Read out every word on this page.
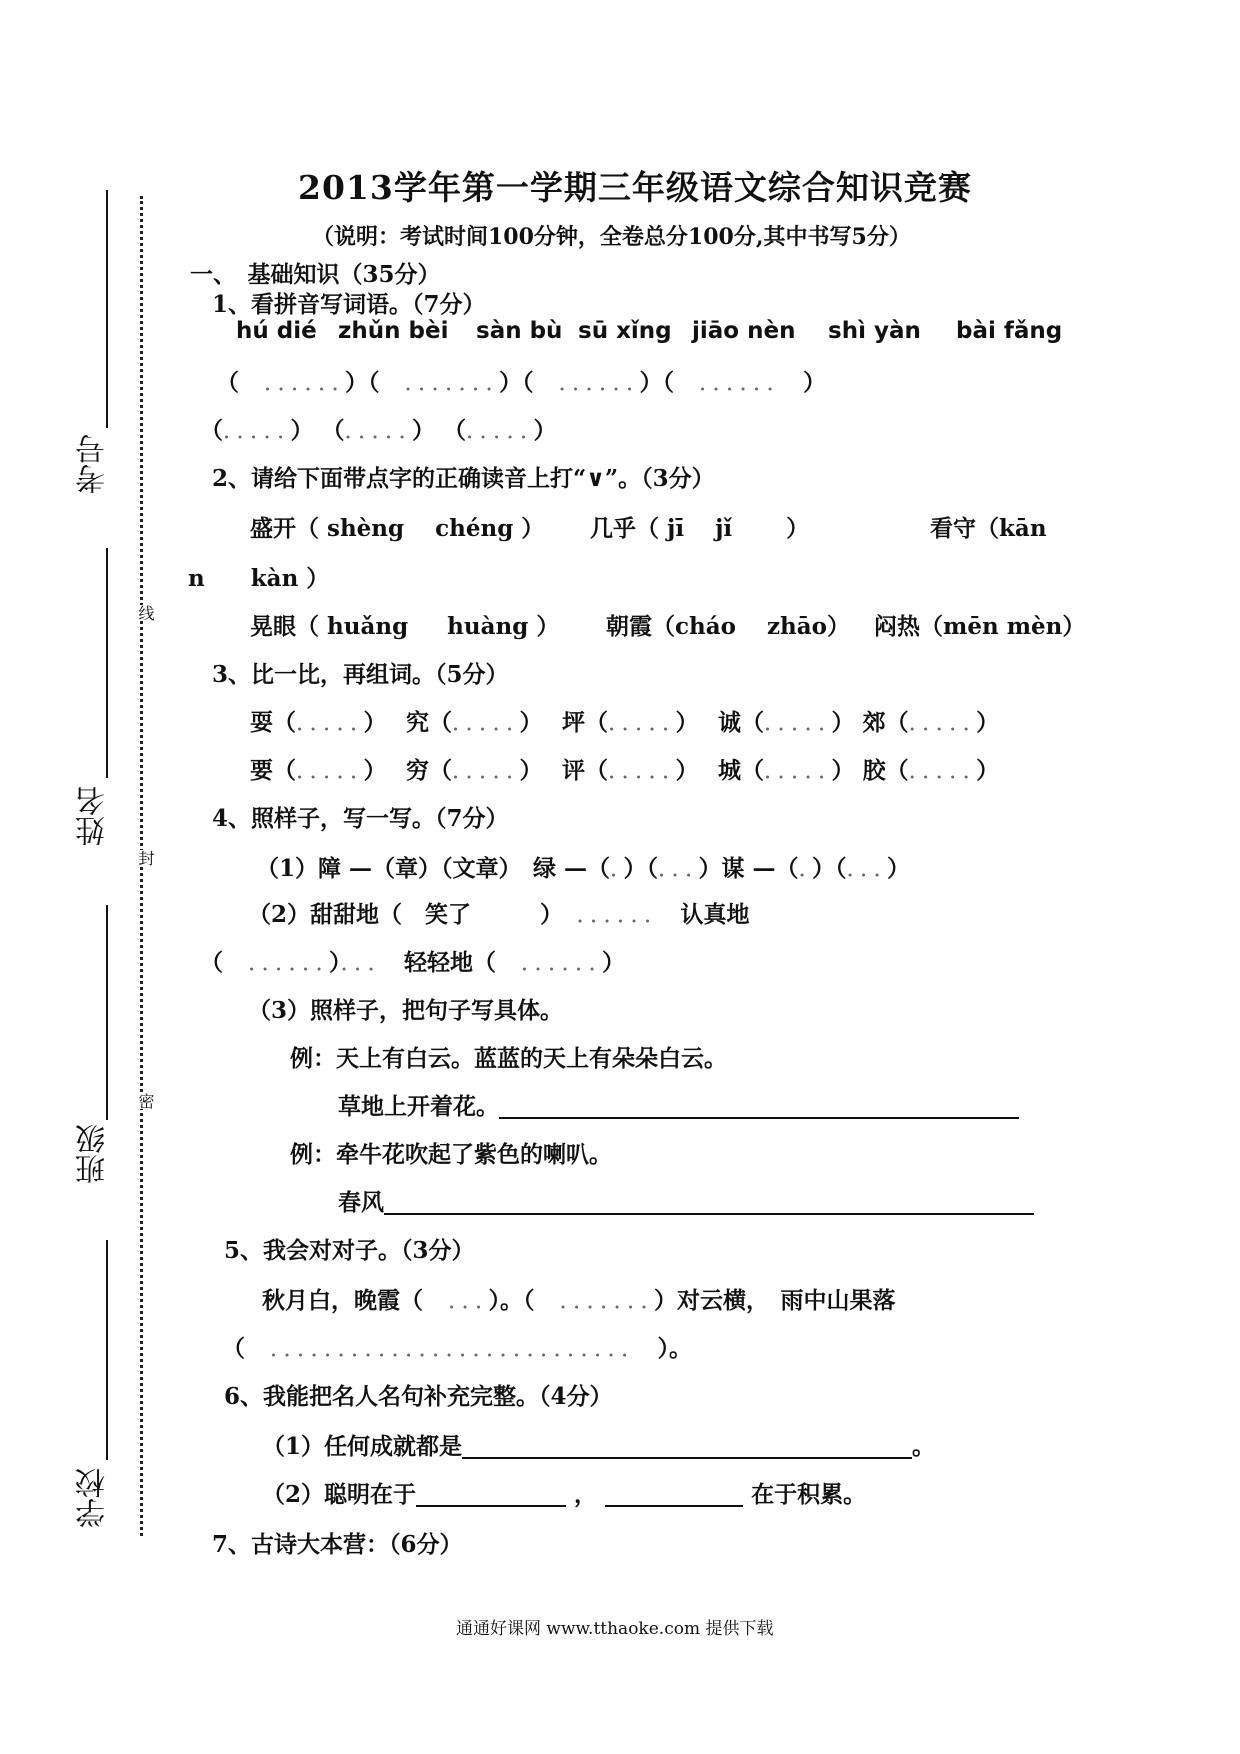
考号
姓名
班级
学校
线
封
密
2013学年第一学期三年级语文综合知识竞赛
（说明：考试时间100分钟，全卷总分100分,其中书写5分）
一、　基础知识（35分）
1、看拼音写词语。（7分）
hú dié zhǔn bèi sàn bù sū xǐng jiāo nèn shì yàn bài fǎng
（　．．．．．．）（　．．．．．．．）（　．．．．．．）（　．．．．．．　）
（．．．．．） （．．．．．） （．．．．．）
2、请给下面带点字的正确读音上打“∨”。（3分）
盛开（ shèng 　chéng ） 几乎（ jī 　jǐ 　　）	看守（kān
n　　kàn ）
晃眼（ huǎng 　 huàng ） 朝霞（cháo 　zhāo） 闷热（mēn mèn）
3、比一比，再组词。（5分）
耍（．．．．．）　 究（．．．．．）　 坪（．．．．．）　 诚（．．．．．） 郊（．．．．．）
要（．．．．．）　 穷（．．．．．）　 评（．．．．．）　 城（．．．．．） 胶（．．．．．）
4、照样子，写一写。（7分）
（1）障 —（章）（文章）　 绿 —（．）（．．．）谋 —（．）（．．．）
（2）甜甜地（　 笑了　　　）　．．．．．．　 认真地
（　．．．．．．）．．．　 轻轻地（　．．．．．．）
（3）照样子，把句子写具体。
例：天上有白云。蓝蓝的天上有朵朵白云。
草地上开着花。
例：牵牛花吹起了紫色的喇叭。
春风
5、我会对对子。（3分）
秋月白，晚霞（　．．．）。（　．．．．．．．）对云横，　 雨中山果落
（　．．．．．．．．．．．．．．．．．．．．．．．．．．．　 ）。
6、我能把名人名句补充完整。（4分）
（1）任何成就都是	。
（2）聪明在于	，	在于积累。
7、古诗大本营：（6分）
通通好课网 www.tthaoke.com 提供下载
